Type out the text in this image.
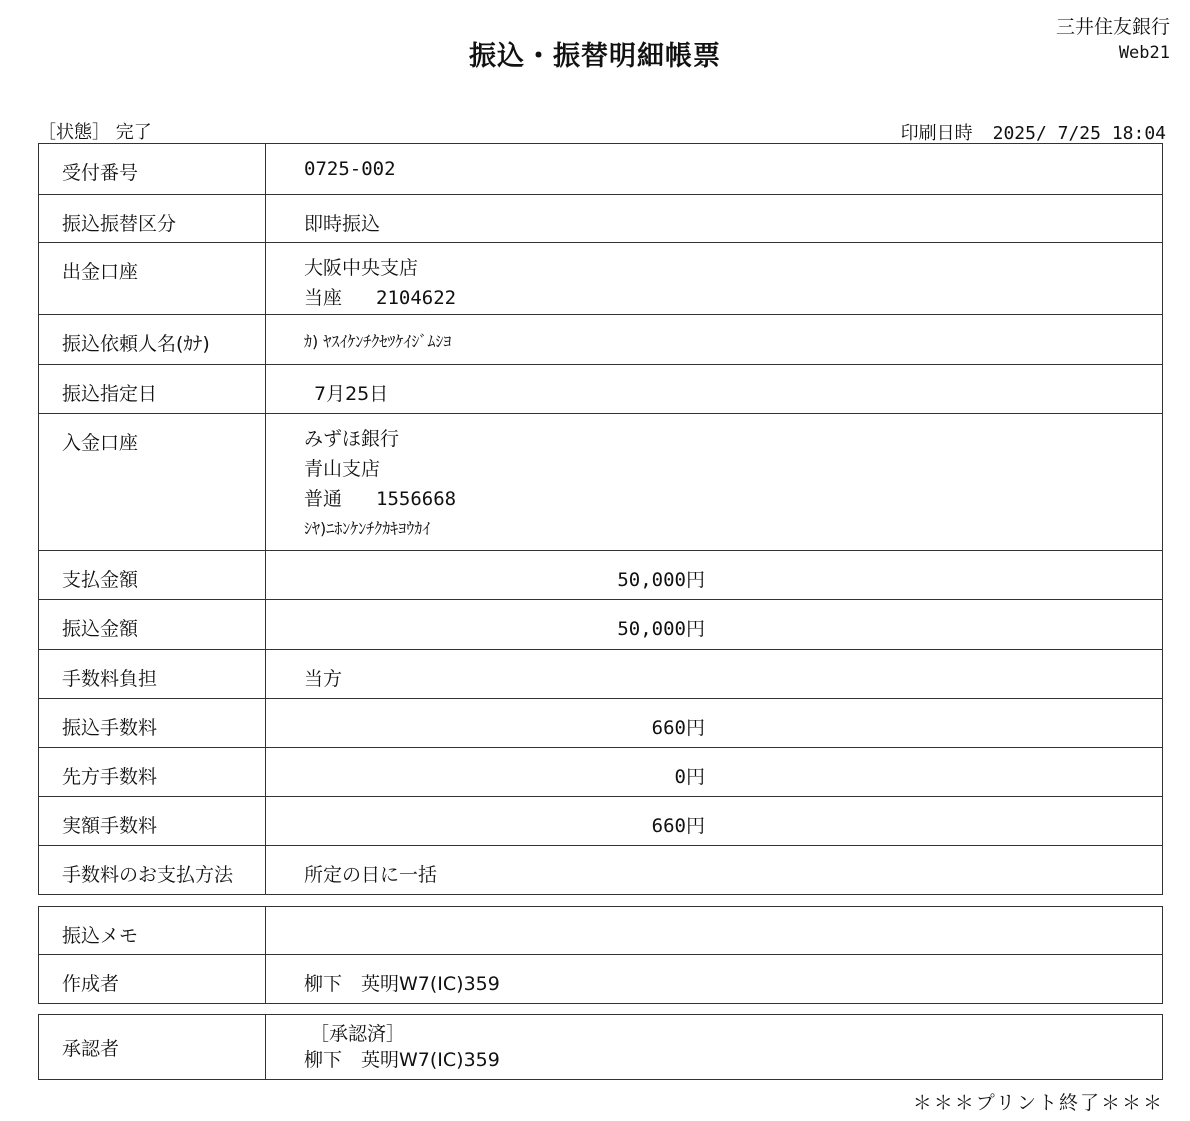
振込・振替明細帳票
三井住友銀行
Web21
［状態］ 完了	印刷日時 2025/ 7/25 18:04
受付番号	0725-002
振込振替区分	即時振込
出金口座	大阪中央支店
当座 2104622

振込依頼人名(ｶﾅ)	ｶ) ﾔｽｲｹﾝﾁｸｾﾂｹｲｼﾞﾑｼﾖ
振込指定日	7月25日
入金口座	みずほ銀行
青山支店
普通 1556668
ｼﾔ)ﾆﾎﾝｹﾝﾁｸｶｷﾖｳｶｲ

支払金額	50,000円
振込金額	50,000円
手数料負担	当方
振込手数料	660円
先方手数料	0円
実額手数料	660円
手数料のお支払方法	所定の日に一括
振込メモ	
作成者	柳下　英明W7(IC)359
承認者	
［承認済］
柳下　英明W7(IC)359
＊＊＊プリント終了＊＊＊
